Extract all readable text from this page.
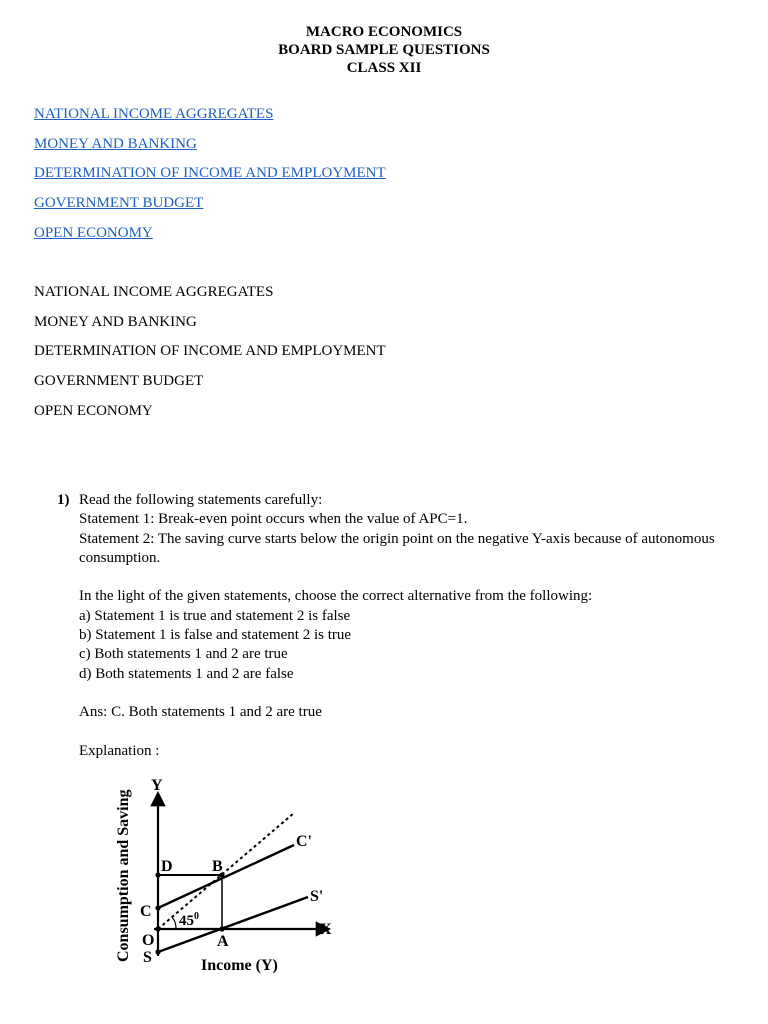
MACRO ECONOMICS
BOARD SAMPLE QUESTIONS
CLASS XII
NATIONAL INCOME AGGREGATES
MONEY AND BANKING
DETERMINATION OF INCOME AND EMPLOYMENT
GOVERNMENT BUDGET
OPEN ECONOMY
NATIONAL INCOME AGGREGATES
MONEY AND BANKING
DETERMINATION OF INCOME AND EMPLOYMENT
GOVERNMENT BUDGET
OPEN ECONOMY
1) Read the following statements carefully:
Statement 1: Break-even point occurs when the value of APC=1.
Statement 2: The saving curve starts below the origin point on the negative Y-axis because of autonomous consumption.
In the light of the given statements, choose the correct alternative from the following:
a) Statement 1 is true and statement 2 is false
b) Statement 1 is false and statement 2 is true
c) Both statements 1 and 2 are true
d) Both statements 1 and 2 are false
Ans: C. Both statements 1 and 2 are true
Explanation :
Y
X
D B
C
O
S
A
C'
S'
$45^0$
Income (Y)
Consumption and Saving
